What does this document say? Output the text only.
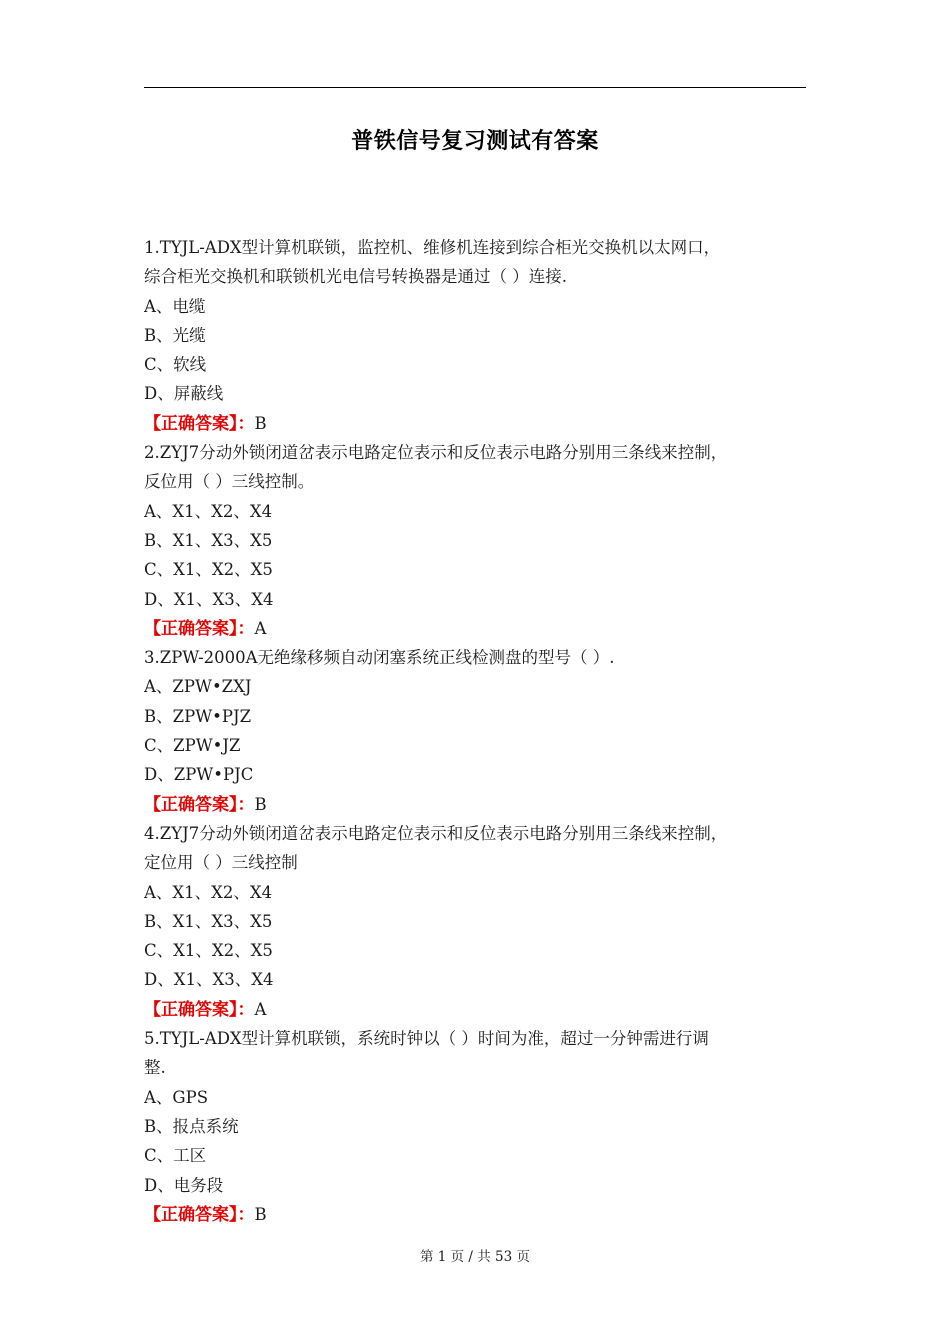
普铁信号复习测试有答案
1.TYJL-ADX型计算机联锁，监控机、维修机连接到综合柜光交换机以太网口，
综合柜光交换机和联锁机光电信号转换器是通过（ ）连接.
A、电缆
B、光缆
C、软线
D、屏蔽线
【正确答案】：B
2.ZYJ7分动外锁闭道岔表示电路定位表示和反位表示电路分别用三条线来控制，
反位用（ ）三线控制。
A、X1、X2、X4
B、X1、X3、X5
C、X1、X2、X5
D、X1、X3、X4
【正确答案】：A
3.ZPW-2000A无绝缘移频自动闭塞系统正线检测盘的型号（ ）.
A、ZPW•ZXJ
B、ZPW•PJZ
C、ZPW•JZ
D、ZPW•PJC
【正确答案】：B
4.ZYJ7分动外锁闭道岔表示电路定位表示和反位表示电路分别用三条线来控制，
定位用（ ）三线控制
A、X1、X2、X4
B、X1、X3、X5
C、X1、X2、X5
D、X1、X3、X4
【正确答案】：A
5.TYJL-ADX型计算机联锁，系统时钟以（ ）时间为准，超过一分钟需进行调
整.
A、GPS
B、报点系统
C、工区
D、电务段
【正确答案】：B
第 1 页 / 共 53 页
